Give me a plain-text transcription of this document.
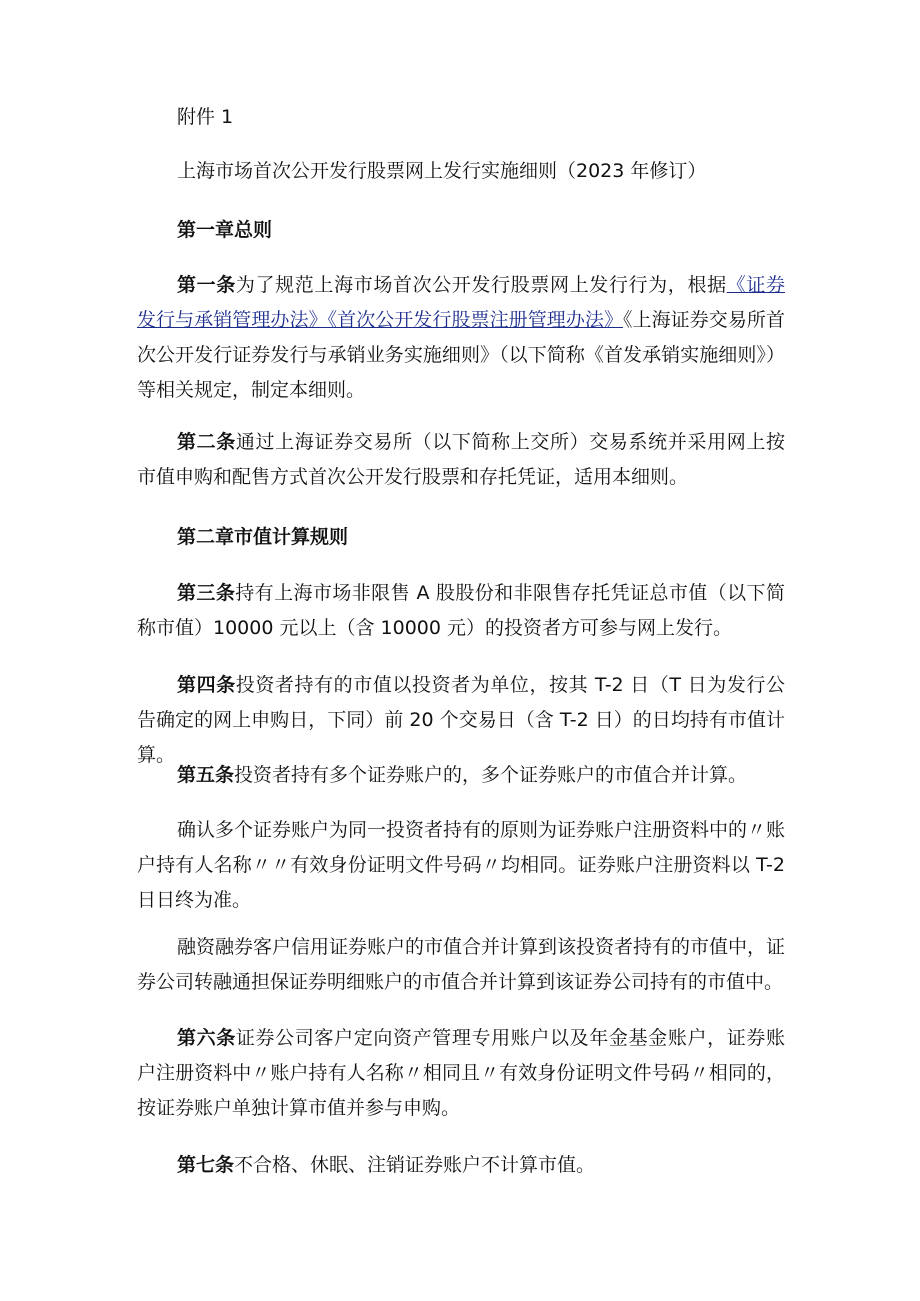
附件 1
上海市场首次公开发行股票网上发行实施细则（2023 年修订）
第一章总则
第一条为了规范上海市场首次公开发行股票网上发行行为，根据《证券发行与承销管理办法》《首次公开发行股票注册管理办法》《上海证券交易所首次公开发行证券发行与承销业务实施细则》（以下简称《首发承销实施细则》）等相关规定，制定本细则。
第二条通过上海证券交易所（以下简称上交所）交易系统并采用网上按市值申购和配售方式首次公开发行股票和存托凭证，适用本细则。
第二章市值计算规则
第三条持有上海市场非限售 A 股股份和非限售存托凭证总市值（以下简称市值）10000 元以上（含 10000 元）的投资者方可参与网上发行。
第四条投资者持有的市值以投资者为单位，按其 T-2 日（T 日为发行公告确定的网上申购日，下同）前 20 个交易日（含 T-2 日）的日均持有市值计算。
第五条投资者持有多个证券账户的，多个证券账户的市值合并计算。
确认多个证券账户为同一投资者持有的原则为证券账户注册资料中的〃账户持有人名称〃〃有效身份证明文件号码〃均相同。证券账户注册资料以 T-2 日日终为准。
融资融券客户信用证券账户的市值合并计算到该投资者持有的市值中，证券公司转融通担保证券明细账户的市值合并计算到该证券公司持有的市值中。
第六条证券公司客户定向资产管理专用账户以及年金基金账户，证券账户注册资料中〃账户持有人名称〃相同且〃有效身份证明文件号码〃相同的，按证券账户单独计算市值并参与申购。
第七条不合格、休眠、注销证券账户不计算市值。
